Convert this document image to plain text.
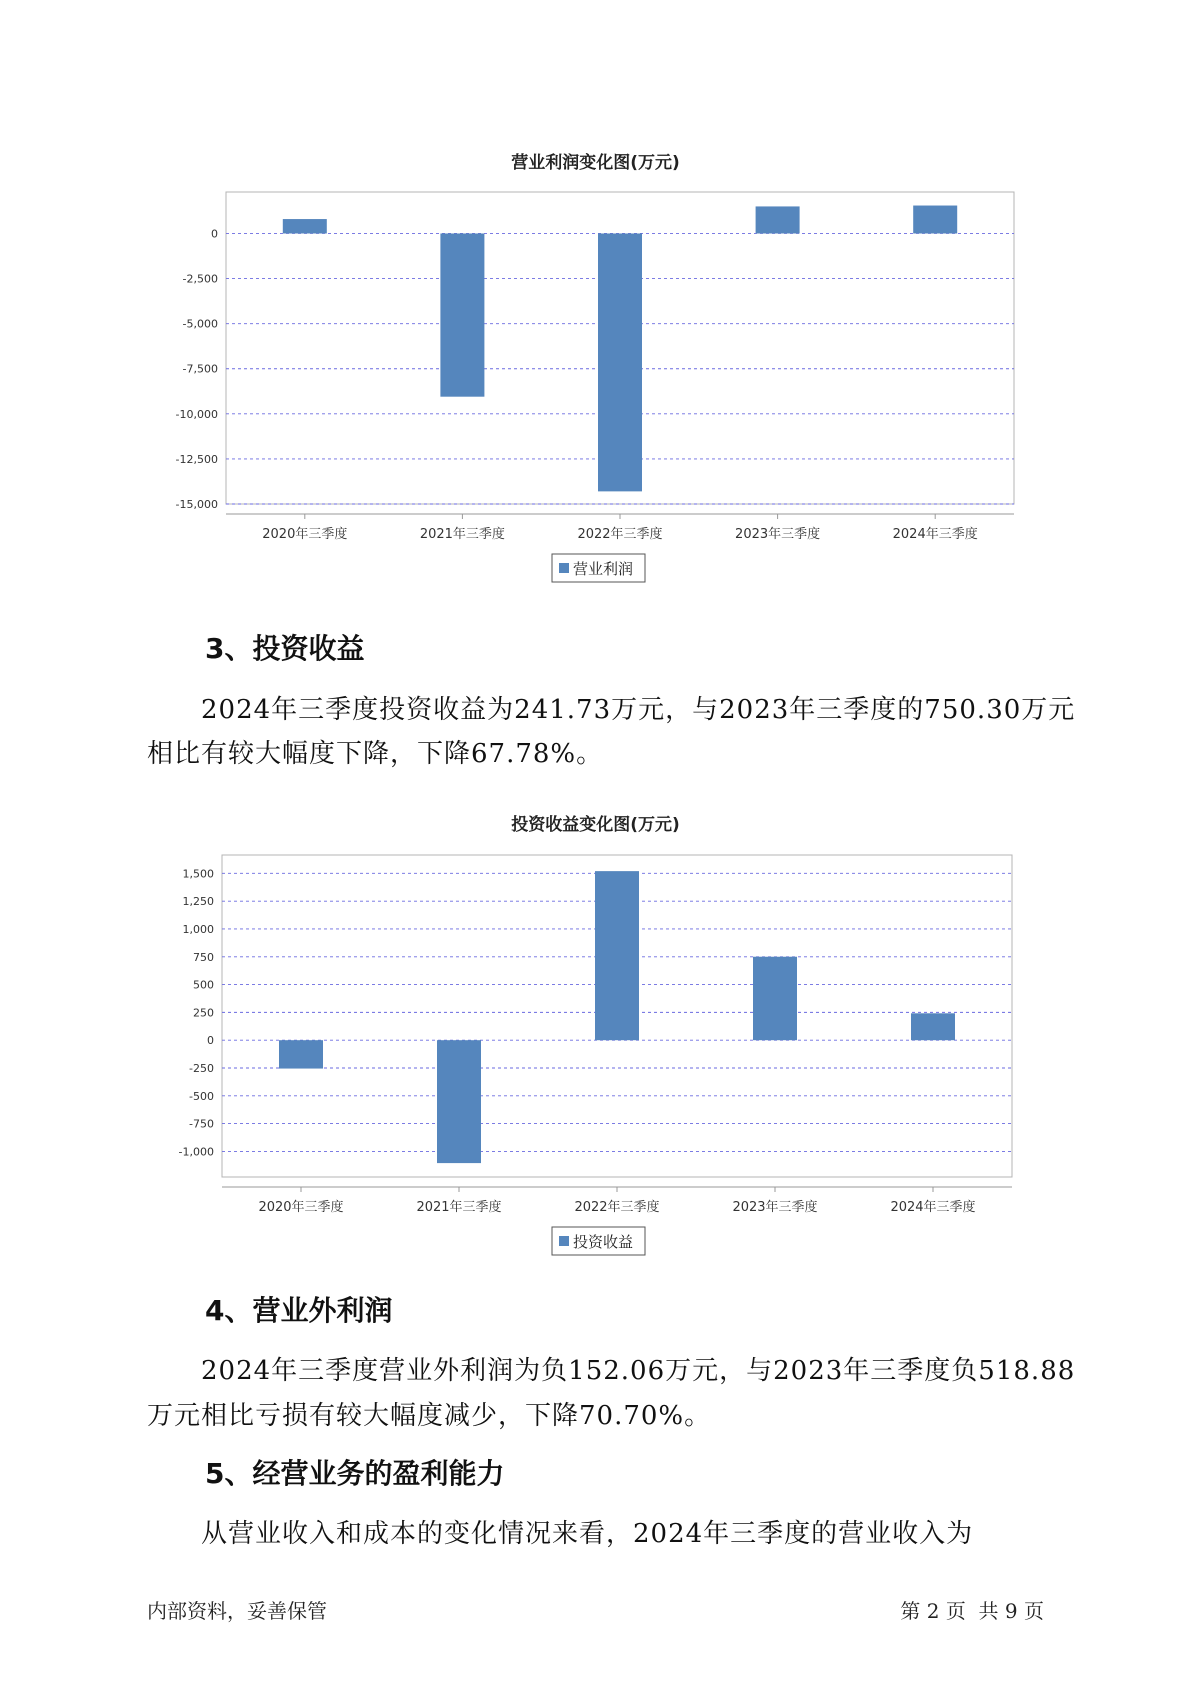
营业利润变化图(万元)
0
-2,500
-5,000
-7,500
-10,000
-12,500
-15,000
2020年三季度	2021年三季度	2022年三季度	2023年三季度	2024年三季度
营业利润
3、投资收益

2024年三季度投资收益为241.73万元，与2023年三季度的750.30万元

相比有较大幅度下降，下降67.78%。

投资收益变化图(万元)
1,500
1,250
1,000
750
500
250
0
-250
-500
-750
-1,000
2020年三季度	2021年三季度	2022年三季度	2023年三季度	2024年三季度
投资收益
4、营业外利润

2024年三季度营业外利润为负152.06万元，与2023年三季度负518.88

万元相比亏损有较大幅度减少，下降70.70%。

5、经营业务的盈利能力

从营业收入和成本的变化情况来看，2024年三季度的营业收入为

内部资料，妥善保管	第 2 页  共 9 页
